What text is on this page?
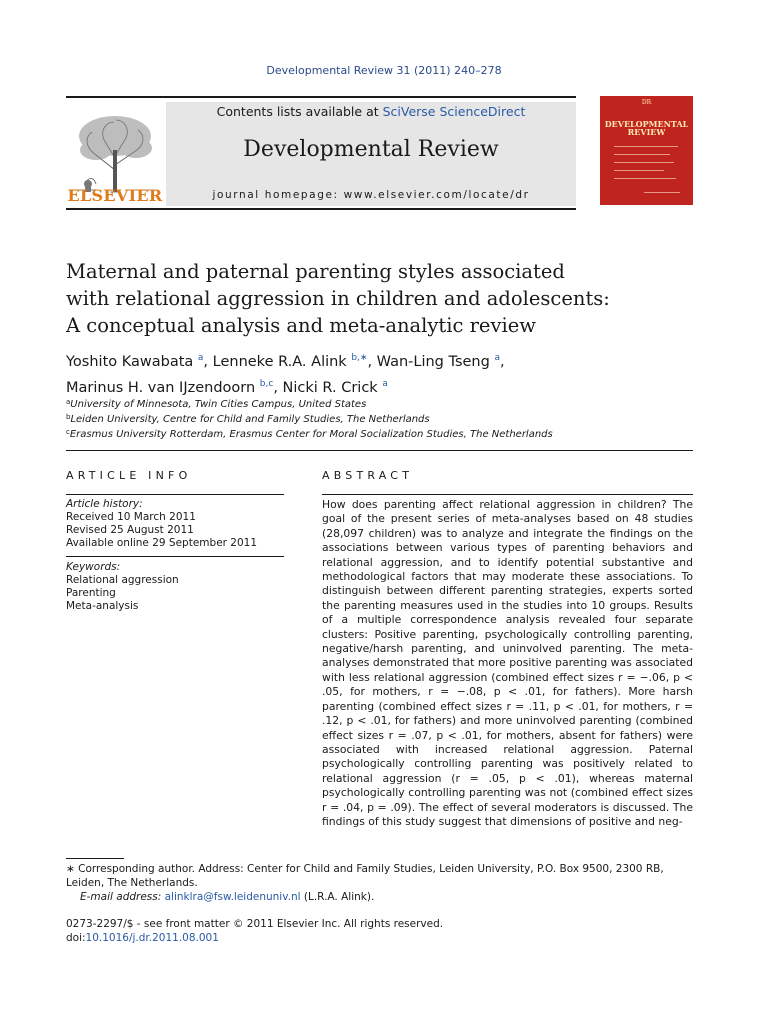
Developmental Review 31 (2011) 240–278
ELSEVIER
Contents lists available at SciVerse ScienceDirect
Developmental Review
journal homepage: www.elsevier.com/locate/dr
DR
DEVELOPMENTAL
REVIEW
Maternal and paternal parenting styles associated
with relational aggression in children and adolescents:
A conceptual analysis and meta-analytic review
Yoshito Kawabata $^a$, Lenneke R.A. Alink $^{b,∗}$, Wan-Ling Tseng $^a$,
Marinus H. van IJzendoorn $^{b,c}$, Nicki R. Crick $^a$
$^a$University of Minnesota, Twin Cities Campus, United States
$^b$Leiden University, Centre for Child and Family Studies, The Netherlands
$^c$Erasmus University Rotterdam, Erasmus Center for Moral Socialization Studies, The Netherlands
ARTICLE INFO
Article history:
Received 10 March 2011
Revised 25 August 2011
Available online 29 September 2011
Keywords:
Relational aggression
Parenting
Meta-analysis
ABSTRACT
How does parenting affect relational aggression in children? The goal of the present series of meta-analyses based on 48 studies (28,097 children) was to analyze and integrate the findings on the associations between various types of parenting behaviors and relational aggression, and to identify potential substantive and methodological factors that may moderate these associations. To distinguish between different parenting strategies, experts sorted the parenting measures used in the studies into 10 groups. Results of a multiple correspondence analysis revealed four separate clusters: Positive parenting, psychologically controlling parenting, negative/harsh parenting, and uninvolved parenting. The meta-analyses demonstrated that more positive parenting was associated with less relational aggression (combined effect sizes r = −.06, p < .05, for mothers, r = −.08, p < .01, for fathers). More harsh parenting (combined effect sizes r = .11, p < .01, for mothers, r = .12, p < .01, for fathers) and more uninvolved parenting (combined effect sizes r = .07, p < .01, for mothers, absent for fathers) were associated with increased relational aggression. Paternal psychologically controlling parenting was positively related to relational aggression (r = .05, p < .01), whereas maternal psychologically controlling parenting was not (combined effect sizes r = .04, p = .09). The effect of several moderators is discussed. The findings of this study suggest that dimensions of positive and neg-
∗ Corresponding author. Address: Center for Child and Family Studies, Leiden University, P.O. Box 9500, 2300 RB, Leiden, The Netherlands.
E-mail address: alinklra@fsw.leidenuniv.nl (L.R.A. Alink).
0273-2297/$ - see front matter © 2011 Elsevier Inc. All rights reserved.
doi:10.1016/j.dr.2011.08.001
